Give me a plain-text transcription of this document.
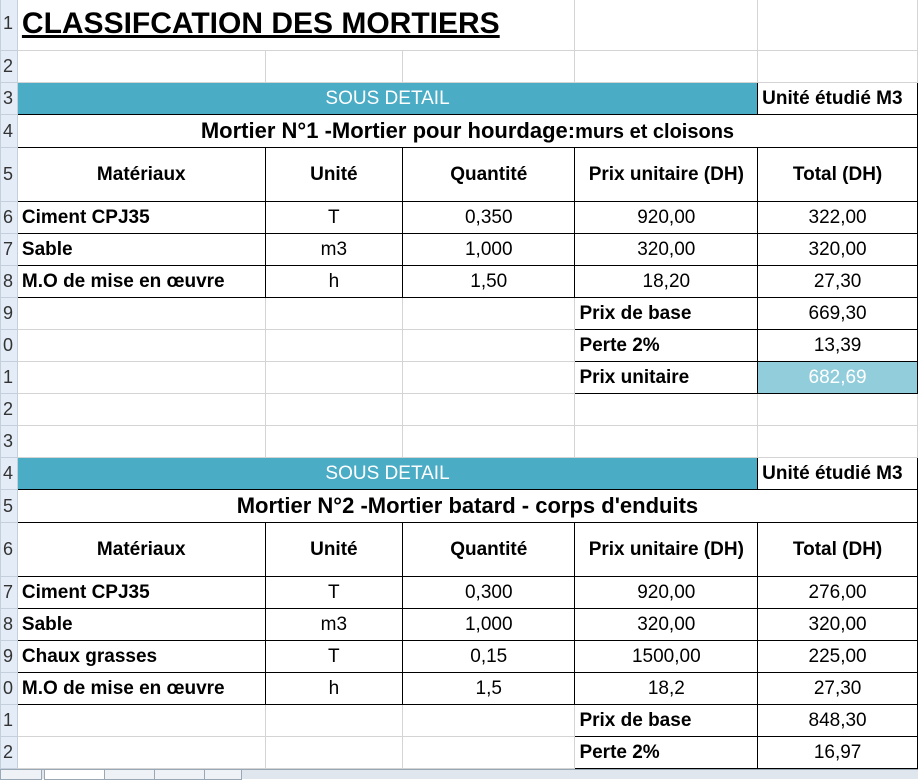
1	CLASSIFCATION DES MORTIERS				
2					
3	SOUS DETAIL				Unité étudié M3
4	Mortier N°1 -Mortier pour hourdage:murs et cloisons				
5	Matériaux	Unité	Quantité	Prix unitaire (DH)	Total (DH)
6	Ciment CPJ35	T	0,350	920,00	322,00
7	Sable	m3	1,000	320,00	320,00
8	M.O de mise en œuvre	h	1,50	18,20	27,30
9				Prix de base	669,30
0				Perte 2%	13,39
1				Prix unitaire	682,69
2					
3					
4	SOUS DETAIL				Unité étudié M3
5	Mortier N°2 -Mortier batard - corps d'enduits				
6	Matériaux	Unité	Quantité	Prix unitaire (DH)	Total (DH)
7	Ciment CPJ35	T	0,300	920,00	276,00
8	Sable	m3	1,000	320,00	320,00
9	Chaux grasses	T	0,15	1500,00	225,00
0	M.O de mise en œuvre	h	1,5	18,2	27,30
1				Prix de base	848,30
2				Perte 2%	16,97
